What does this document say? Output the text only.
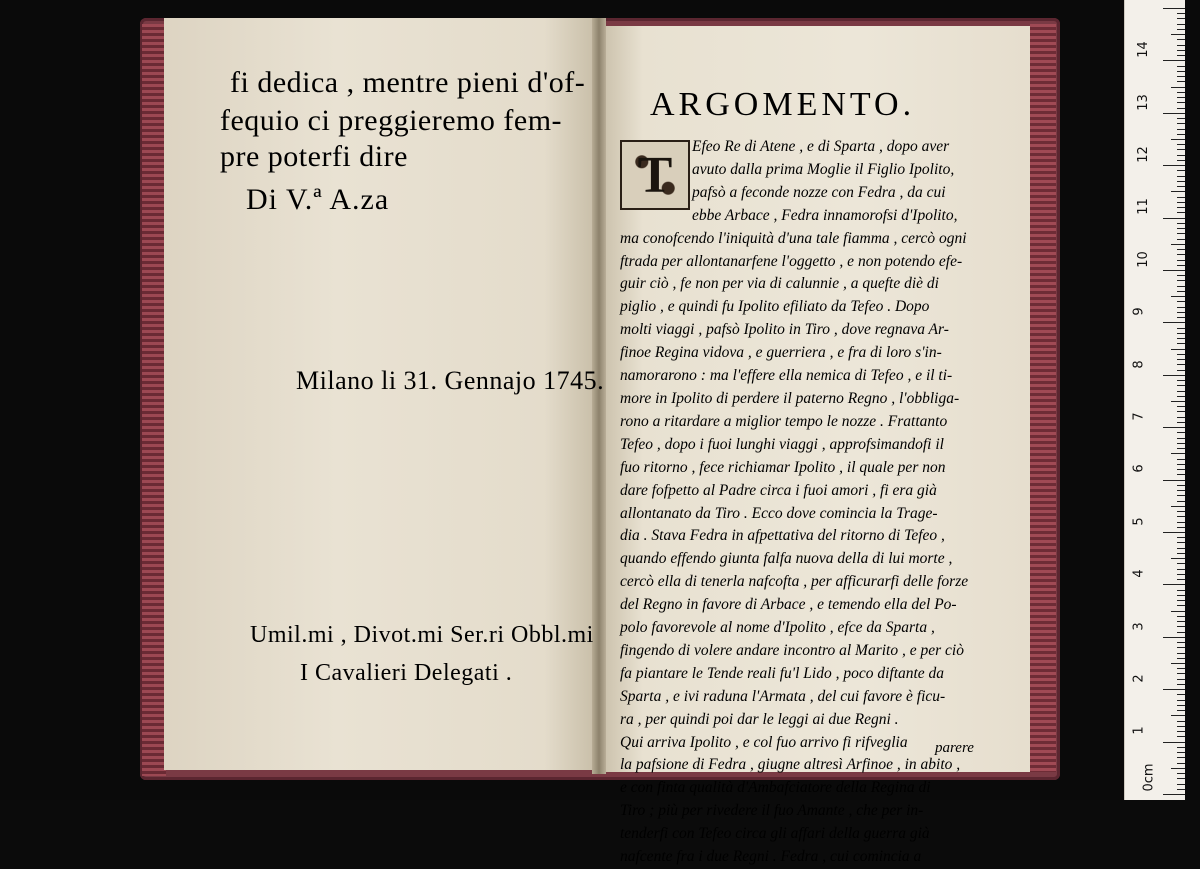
fi dedica , mentre pieni d'of-
fequio ci preggieremo fem-
pre poterfi dire
Di V.ª A.za
Milano li 31. Gennajo 1745.
Umil.mi , Divot.mi Ser.ri Obbl.mi
I Cavalieri Delegati .
ARGOMENTO.
T	Efeo Re di Atene , e di Sparta , dopo aver
avuto dalla prima Moglie il Figlio Ipolito,
pafsò a feconde nozze con Fedra , da cui
ebbe Arbace , Fedra innamorofsi d'Ipolito,
ma conofcendo l'iniquità d'una tale fiamma , cercò ogni
ftrada per allontanarfene l'oggetto , e non potendo efe-
guir ciò , fe non per via di calunnie , a quefte diè di
piglio , e quindi fu Ipolito efiliato da Tefeo . Dopo
molti viaggi , pafsò Ipolito in Tiro , dove regnava Ar-
finoe Regina vidova , e guerriera , e fra di loro s'in-
namorarono : ma l'effere ella nemica di Tefeo , e il ti-
more in Ipolito di perdere il paterno Regno , l'obbliga-
rono a ritardare a miglior tempo le nozze . Frattanto
Tefeo , dopo i fuoi lunghi viaggi , approfsimandofi il
fuo ritorno , fece richiamar Ipolito , il quale per non
dare fofpetto al Padre circa i fuoi amori , fi era già
allontanato da Tiro . Ecco dove comincia la Trage-
dia . Stava Fedra in afpettativa del ritorno di Tefeo ,
quando effendo giunta falfa nuova della di lui morte ,
cercò ella di tenerla nafcofta , per afficurarfi delle forze
del Regno in favore di Arbace , e temendo ella del Po-
polo favorevole al nome d'Ipolito , efce da Sparta ,
fingendo di volere andare incontro al Marito , e per ciò
fa piantare le Tende reali fu'l Lido , poco diftante da
Sparta , e ivi raduna l'Armata , del cui favore è ficu-
ra , per quindi poi dar le leggi ai due Regni .
Qui arriva Ipolito , e col fuo arrivo fi rifveglia
la pafsione di Fedra , giugne altresì Arfinoe , in abito ,
e con finta qualità d'Ambafciatore della Regina di
Tiro ; più per rivedere il fuo Amante , che per in-
tenderfi con Tefeo circa gli affari della guerra già
nafcente fra i due Regni . Fedra , cui comincia a
parere
14
13
12
11
10
9
8
7
6
5
4
3
2
1
0cm
